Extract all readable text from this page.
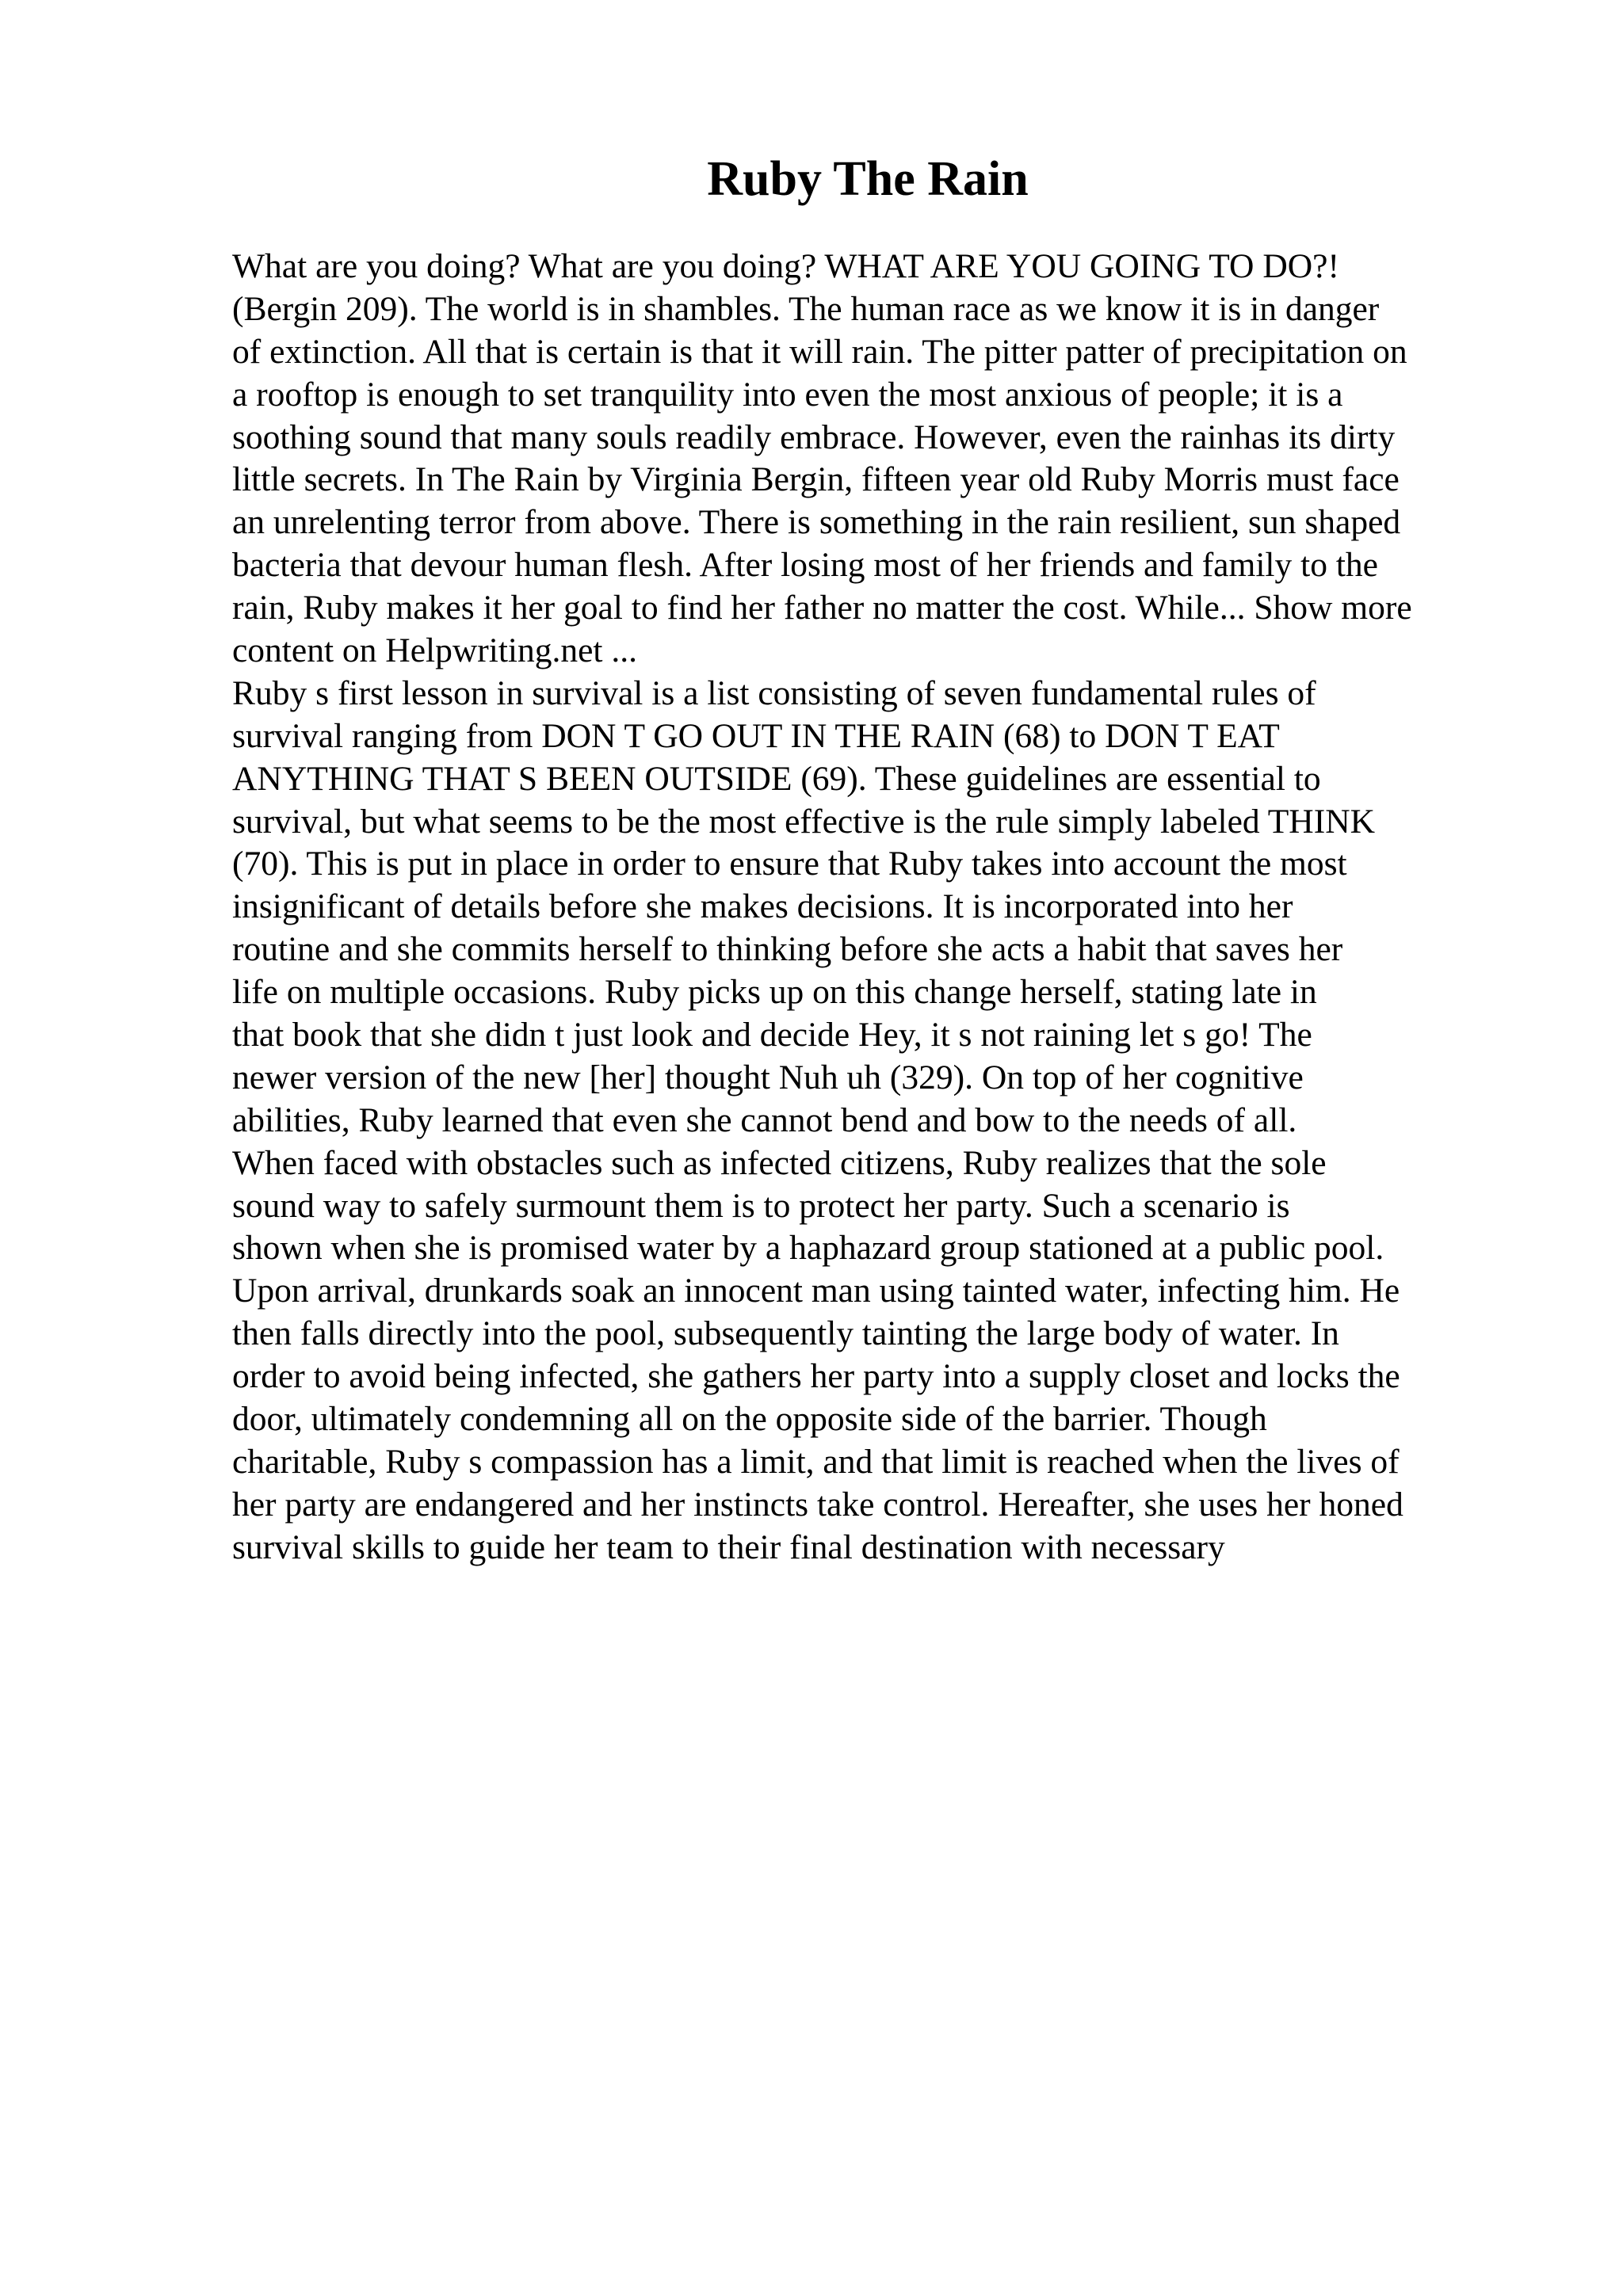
Ruby The Rain
What are you doing? What are you doing? WHAT ARE YOU GOING TO DO?!
(Bergin 209). The world is in shambles. The human race as we know it is in danger
of extinction. All that is certain is that it will rain. The pitter patter of precipitation on
a rooftop is enough to set tranquility into even the most anxious of people; it is a
soothing sound that many souls readily embrace. However, even the rainhas its dirty
little secrets. In The Rain by Virginia Bergin, fifteen year old Ruby Morris must face
an unrelenting terror from above. There is something in the rain resilient, sun shaped
bacteria that devour human flesh. After losing most of her friends and family to the
rain, Ruby makes it her goal to find her father no matter the cost. While... Show more
content on Helpwriting.net ...
Ruby s first lesson in survival is a list consisting of seven fundamental rules of
survival ranging from DON T GO OUT IN THE RAIN (68) to DON T EAT
ANYTHING THAT S BEEN OUTSIDE (69). These guidelines are essential to
survival, but what seems to be the most effective is the rule simply labeled THINK
(70). This is put in place in order to ensure that Ruby takes into account the most
insignificant of details before she makes decisions. It is incorporated into her
routine and she commits herself to thinking before she acts a habit that saves her
life on multiple occasions. Ruby picks up on this change herself, stating late in
that book that she didn t just look and decide Hey, it s not raining let s go! The
newer version of the new [her] thought Nuh uh (329). On top of her cognitive
abilities, Ruby learned that even she cannot bend and bow to the needs of all.
When faced with obstacles such as infected citizens, Ruby realizes that the sole
sound way to safely surmount them is to protect her party. Such a scenario is
shown when she is promised water by a haphazard group stationed at a public pool.
Upon arrival, drunkards soak an innocent man using tainted water, infecting him. He
then falls directly into the pool, subsequently tainting the large body of water. In
order to avoid being infected, she gathers her party into a supply closet and locks the
door, ultimately condemning all on the opposite side of the barrier. Though
charitable, Ruby s compassion has a limit, and that limit is reached when the lives of
her party are endangered and her instincts take control. Hereafter, she uses her honed
survival skills to guide her team to their final destination with necessary
